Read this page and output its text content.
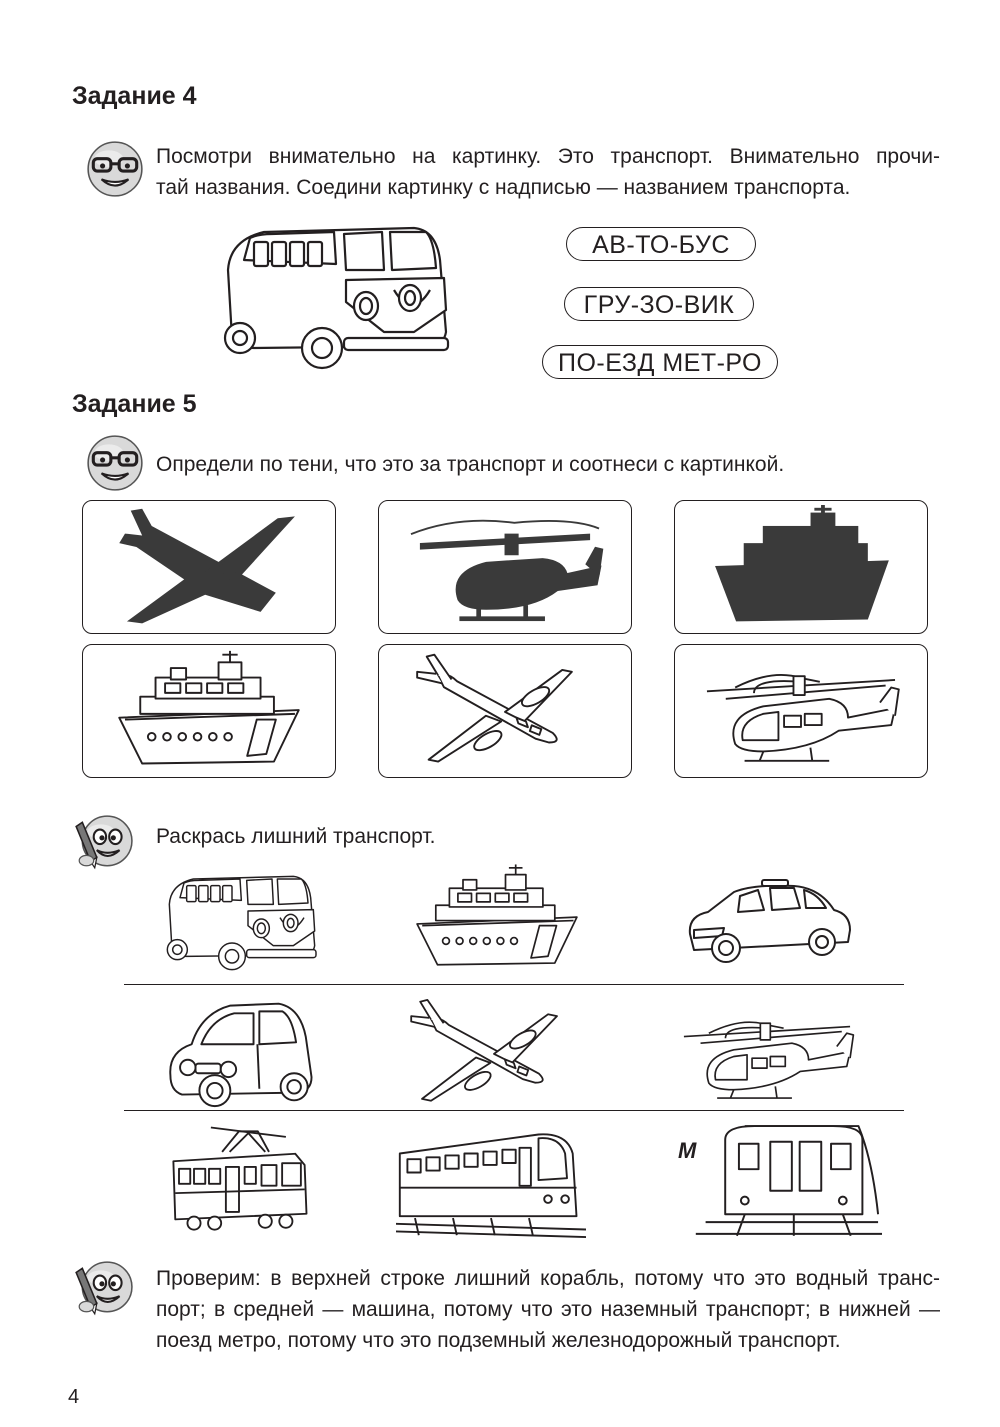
Задание 4
Посмотри внимательно на картинку. Это транспорт. Внимательно прочи-
тай названия. Соедини картинку с надписью — названием транспорта.
АВ-ТО-БУС
ГРУ-ЗО-ВИК
ПО-ЕЗД МЕТ-РО
Задание 5
Определи по тени, что это за транспорт и соотнеси с картинкой.
Раскрась лишний транспорт.
М
Проверим: в верхней строке лишний корабль, потому что это водный транс-
порт; в средней — машина, потому что это наземный транспорт; в нижней —
поезд метро, потому что это подземный железнодорожный транспорт.
4
